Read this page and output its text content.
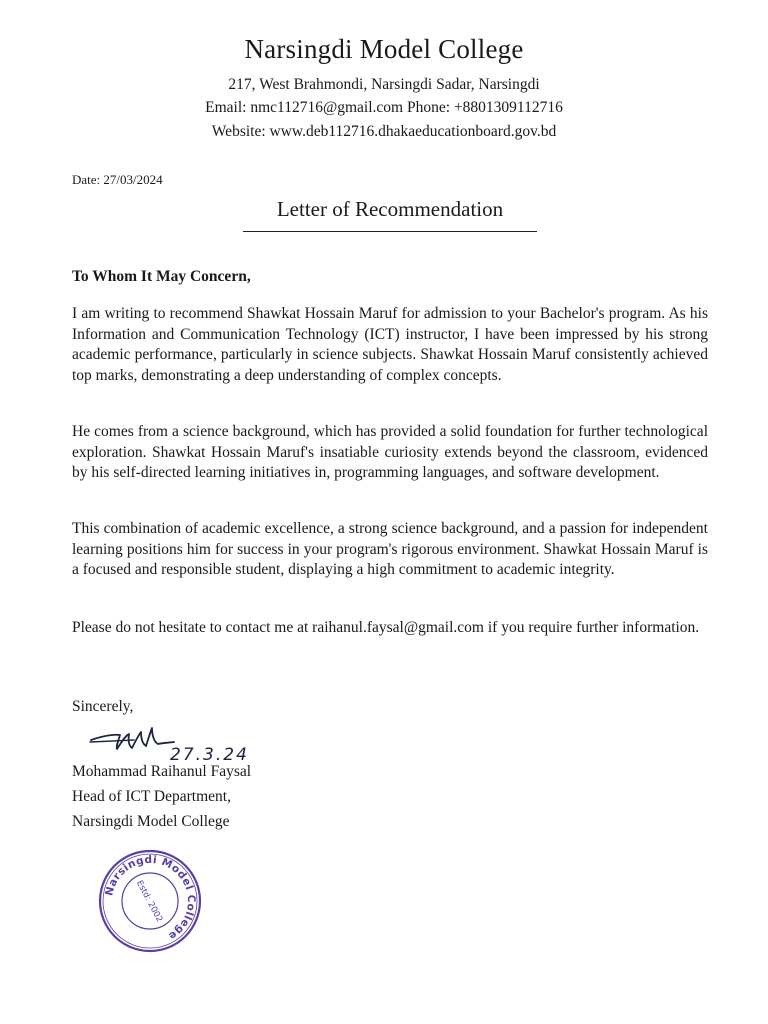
Narsingdi Model College
217, West Brahmondi, Narsingdi Sadar, Narsingdi
Email: nmc112716@gmail.com Phone: +8801309112716
Website: www.deb112716.dhakaeducationboard.gov.bd
Date: 27/03/2024
Letter of Recommendation
To Whom It May Concern,
I am writing to recommend Shawkat Hossain Maruf for admission to your Bachelor's program. As his Information and Communication Technology (ICT) instructor, I have been impressed by his strong academic performance, particularly in science subjects. Shawkat Hossain Maruf consistently achieved top marks, demonstrating a deep understanding of complex concepts.
He comes from a science background, which has provided a solid foundation for further technological exploration. Shawkat Hossain Maruf's insatiable curiosity extends beyond the classroom, evidenced by his self-directed learning initiatives in, programming languages, and software development.
This combination of academic excellence, a strong science background, and a passion for independent learning positions him for success in your program's rigorous environment. Shawkat Hossain Maruf is a focused and responsible student, displaying a high commitment to academic integrity.
Please do not hesitate to contact me at raihanul.faysal@gmail.com if you require further information.
Sincerely,
27.3.24
Mohammad Raihanul Faysal
Head of ICT Department,
Narsingdi Model College
Narsingdi Model College
Estd: 2002
